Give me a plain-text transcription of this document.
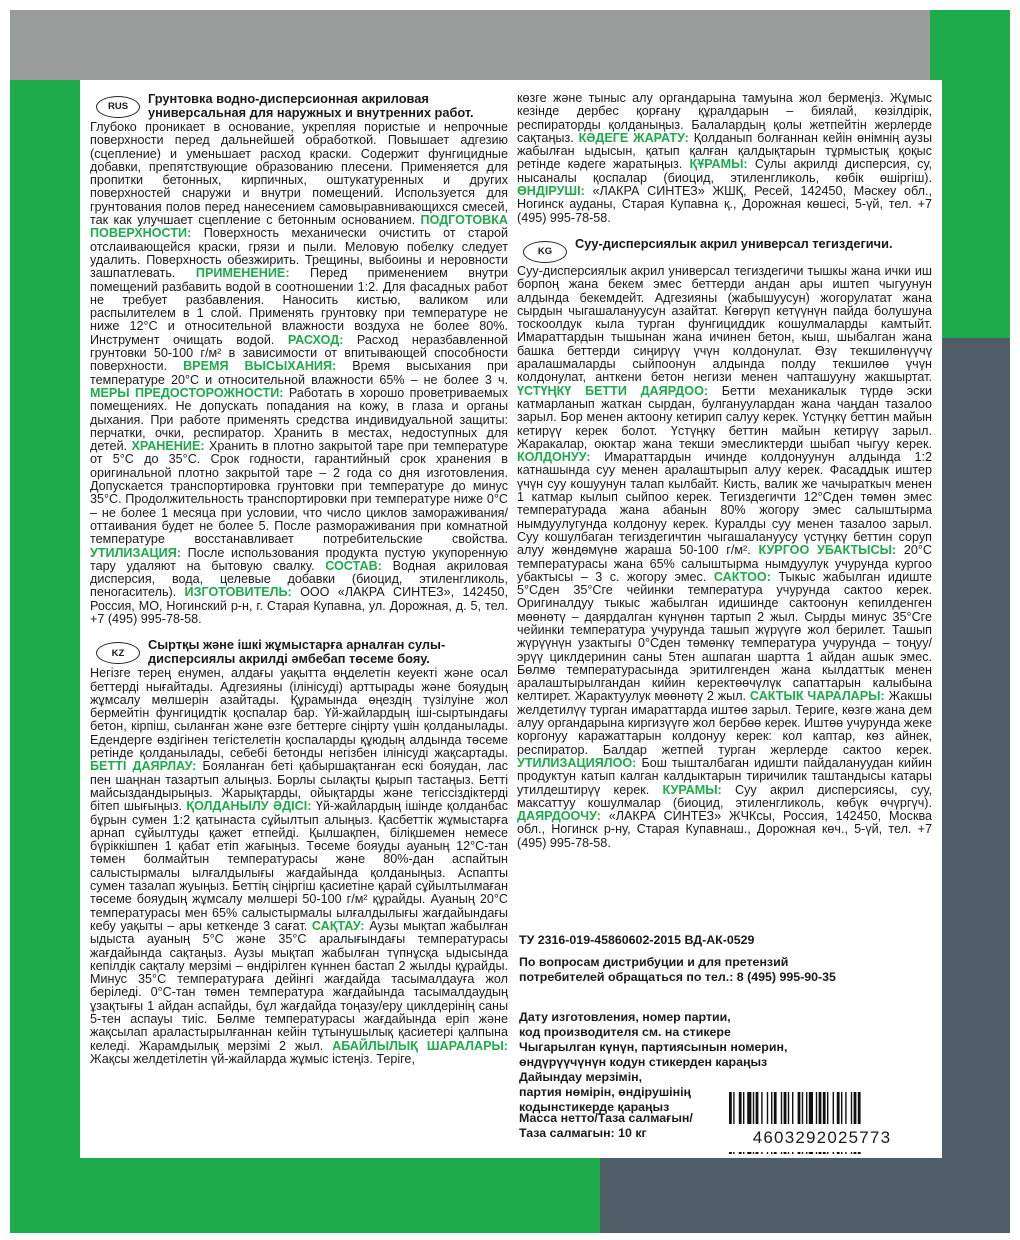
RUS
Грунтовка водно-дисперсионная акриловая универсальная для наружных и внутренних работ.

Глубоко проникает в основание, укрепляя пористые и непрочные поверхности перед дальнейшей обработкой. Повышает адгезию (сцепление) и уменьшает расход краски. Содержит фунгицидные добавки, препятствующие образованию плесени. Применяется для пропитки бетонных, кирпичных, оштукатуренных и других поверхностей снаружи и внутри помещений. Используется для грунтования полов перед нанесением самовыравнивающихся смесей, так как улучшает сцепление с бетонным основанием. ПОДГОТОВКА ПОВЕРХНОСТИ: Поверхность механически очистить от старой отслаивающейся краски, грязи и пыли. Меловую побелку следует удалить. Поверхность обезжирить. Трещины, выбоины и неровности зашпатлевать. ПРИМЕНЕНИЕ: Перед применением внутри помещений разбавить водой в соотношении 1:2. Для фасадных работ не требует разбавления. Наносить кистью, валиком или распылителем в 1 слой. Применять грунтовку при температуре не ниже 12°С и относительной влажности воздуха не более 80%. Инструмент очищать водой. РАСХОД: Расход неразбавленной грунтовки 50-100 г/м² в зависимости от впитывающей способности поверхности. ВРЕМЯ ВЫСЫХАНИЯ: Время высыхания при температуре 20°С и относительной влажности 65% – не более 3 ч. МЕРЫ ПРЕДОСТОРОЖНОСТИ: Работать в хорошо проветриваемых помещениях. Не допускать попадания на кожу, в глаза и органы дыхания. При работе применять средства индивидуальной защиты: перчатки, очки, респиратор. Хранить в местах, недоступных для детей. ХРАНЕНИЕ: Хранить в плотно закрытой таре при температуре от 5°С до 35°С. Срок годности, гарантийный срок хранения в оригинальной плотно закрытой таре – 2 года со дня изготовления. Допускается транспортировка грунтовки при температуре до минус 35°С. Продолжительность транспортировки при температуре ниже 0°С – не более 1 месяца при условии, что число циклов замораживания/оттаивания будет не более 5. После размораживания при комнатной температуре восстанавливает потребительские свойства. УТИЛИЗАЦИЯ: После использования продукта пустую укупоренную тару удаляют на бытовую свалку. СОСТАВ: Водная акриловая дисперсия, вода, целевые добавки (биоцид, этиленгликоль, пеногаситель). ИЗГОТОВИТЕЛЬ: ООО «ЛАКРА СИНТЕЗ», 142450, Россия, МО, Ногинский р-н, г. Старая Купавна, ул. Дорожная, д. 5, тел. +7 (495) 995-78-58.

KZ
Сыртқы және ішкі жұмыстарға арналған сулы-дисперсиялы акрилді әмбебап төсеме бояу.

Негізге терең енумен, алдағы уақытта өңделетін кеуекті және осал беттерді нығайтады. Адгезияны (ілінісуді) арттырады және бояудың жұмсалу мөлшерін азайтады. Құрамында өңездің түзілуіне жол бермейтін фунгицидтік қоспалар бар. Үй-жайлардың іші-сыртындағы бетон, кірпіш, сыланған және өзге беттерге сіңірту үшін қолданылады. Едендерге өздігінен тегістелетін қоспаларды құюдың алдында төсеме ретінде қолданылады, себебі бетонды негізбен ілінісуді жақсартады. БЕТТІ ДАЯРЛАУ: Бояланған беті қабыршақтанған ескі бояудан, лас пен шаңнан тазартып алыңыз. Борлы сылақты қырып тастаңыз. Бетті майсыздандырыңыз. Жарықтарды, ойықтарды және тегіссіздіктерді бітеп шығыңыз. ҚОЛДАНЫЛУ ӘДІСІ: Үй-жайлардың ішінде қолданбас бұрын сумен 1:2 қатынаста сұйылтып алыңыз. Қасбеттік жұмыстарға арнап сұйылтуды қажет етпейді. Қылшақпен, біліқшемен немесе бүріккішпен 1 қабат етіп жағыңыз. Төсеме бояуды ауаның 12°С-тан төмен болмайтын температурасы және 80%-дан аспайтын салыстырмалы ылғалдылығы жағдайында қолданыңыз. Аспапты сумен тазалап жуыңыз. Беттің сіңіргіш қасиетіне қарай сұйылтылмаған төсеме бояудың жұмсалу мөлшері 50-100 г/м² құрайды. Ауаның 20°С температурасы мен 65% салыстырмалы ылғалдылығы жағдайындағы кебу уақыты – ары кеткенде 3 сағат. САҚТАУ: Аузы мықтап жабылған ыдыста ауаның 5°С және 35°С аралығындағы температурасы жағдайында сақтаңыз. Аузы мықтап жабылған түпнұсқа ыдысында кепілдік сақталу мерзімі – өндірілген күннен бастап 2 жылды құрайды. Минус 35°С температураға дейінгі жағдайда тасымалдауға жол беріледі. 0°С-тан төмен температура жағдайында тасымалдаудың ұзақтығы 1 айдан аспайды, бұл жағдайда тоңазу/еру циклдерінің саны 5-тен аспауы тиіс. Бөлме температурасы жағдайында еріп және жақсылап араластырылғаннан кейін тұтынушылық қасиетері қалпына келеді. Жарамдылық мерзімі 2 жыл. АБАЙЛЫЛЫҚ ШАРАЛАРЫ: Жақсы желдетілетін үй-жайларда жұмыс істеңіз. Теріге,

көзге және тыныс алу органдарына тамуына жол бермеңіз. Жұмыс кезінде дербес қорғану құралдарын – биялай, көзілдірік, респираторды қолданыңыз. Балалардың қолы жетпейтін жерлерде сақтаңыз. КӘДЕГЕ ЖАРАТУ: Қолданып болғаннан кейін өнімнің аузы жабылған ыдысын, қатып қалған қалдықтарын тұрмыстық қоқыс ретінде кәдеге жаратыңыз. ҚҰРАМЫ: Сулы акрилді дисперсия, су, нысаналы қоспалар (биоцид, этиленгликоль, көбік өшіргіш). ӨНДІРУШІ: «ЛАКРА СИНТЕЗ» ЖШҚ, Ресей, 142450, Мәскеу обл., Ногинск ауданы, Старая Купавна қ., Дорожная көшесі, 5-үй, тел. +7 (495) 995-78-58.

KG
Суу-дисперсиялык акрил универсал тегиздегичи.

Суу-дисперсиялык акрил универсал тегиздегичи тышкы жана ички иш борпоң жана бекем эмес беттерди андан ары иштеп чыгуунун алдында бекемдейт. Адгезияны (жабышуусун) жогорулатат жана сырдын чыгашалануусун азайтат. Көгөрүп кетүүнүн пайда болушуна тоскоолдук кыла турган фунгициддик кошулмаларды камтыйт. Имараттардын тышынан жана ичинен бетон, кыш, шыбалган жана башка беттерди сиңирүү үчүн колдонулат. Өзү текшилөнүүчү аралашмаларды сыйпоонун алдында полду текшилөө үчүн колдонулат, анткени бетон негизи менен чапташууну жакшыртат. ҮСТҮҢКҮ БЕТТИ ДАЯРДОО: Бетти механикалык түрдө эски катмарланып жаткан сырдан, булгануулардан жана чаңдан тазалоо зарыл. Бор менен актоону кетирип салуу керек. Үстүңкү беттин майын кетирүү керек болот. Үстүңкү беттин майын кетирүү зарыл. Жаракалар, оюктар жана текши эмесликтерди шыбап чыгуу керек. КОЛДОНУУ: Имараттардын ичинде колдонуунун алдында 1:2 катнашында суу менен аралаштырып алуу керек. Фасаддык иштер үчүн суу кошуунун талап кылбайт. Кисть, валик же чачыраткыч менен 1 катмар кылып сыйпоо керек. Тегиздегичти 12°Сден төмөн эмес температурада жана абанын 80% жогору эмес салыштырма нымдуулугунда колдонуу керек. Куралды суу менен тазалоо зарыл. Суу кошулбаган тегиздегичтин чыгашалануусу үстүңкү беттин соруп алуу жөндөмүнө жараша 50-100 г/м². КУРГОО УБАКТЫСЫ: 20°С температурасы жана 65% салыштырма нымдуулук учурунда кургоо убактысы – 3 с. жогору эмес. САКТОО: Тыкыс жабылган идиште 5°Сден 35°Сге чейинки температура учурунда сактоо керек. Оригиналдуу тыкыс жабылган идишинде сактоонун кепилденген мөөнөтү – даярдалган күнүнөн тартып 2 жыл. Сырды минус 35°Сге чейинки температура учурунда ташып жүрүүгө жол берилет. Ташып жүрүүнүн узактыгы 0°Сден төмөнкү температура учурунда – тоңуу/эрүү циклдеринин саны 5тен ашпаган шартта 1 айдан ашык эмес. Бөлмө температурасында эритилгенден жана кылдаттык менен аралаштырылгандан кийин керектөөчүлүк сапаттарын калыбына келтирет. Жарактуулук мөөнөтү 2 жыл. САКТЫК ЧАРАЛАРЫ: Жакшы желдетилүү турган имараттарда иштөө зарыл. Териге, көзгө жана дем алуу органдарына киргизүүгө жол бербөө керек. Иштөө учурунда жеке коргонуу каражаттарын колдонуу керек: кол каптар, көз айнек, респиратор. Балдар жетпей турган жерлерде сактоо керек. УТИЛИЗАЦИЯЛОО: Бош тышталбаган идишти пайдалануудан кийин продуктун катып калган калдыктарын тиричилик таштандысы катары утилдештирүү керек. КУРАМЫ: Суу акрил дисперсиясы, суу, максаттуу кошулмалар (биоцид, этиленгликоль, көбүк өчүргүч). ДАЯРДООЧУ: «ЛАКРА СИНТЕЗ» ЖЧКсы, Россия, 142450, Москва обл., Ногинск р-ну, Старая Купавнаш., Дорожная көч., 5-үй, тел. +7 (495) 995-78-58.

ТУ 2316-019-45860602-2015 ВД-АК-0529
По вопросам дистрибуции и для претензий
потребителей обращаться по тел.: 8 (495) 995-90-35
Дату изготовления, номер партии,
код производителя см. на стикере
Чыгарылган күнүн, партиясынын номерин,
өндүрүүчүнүн кодун стикерден караңыз
Дайындау мерзімін,
партия нөмірін, өндірушінің
кодынстикерде қараңыз
Масса нетто/Таза салмағын/
Таза салмагын: 10 кг	4603292025773
